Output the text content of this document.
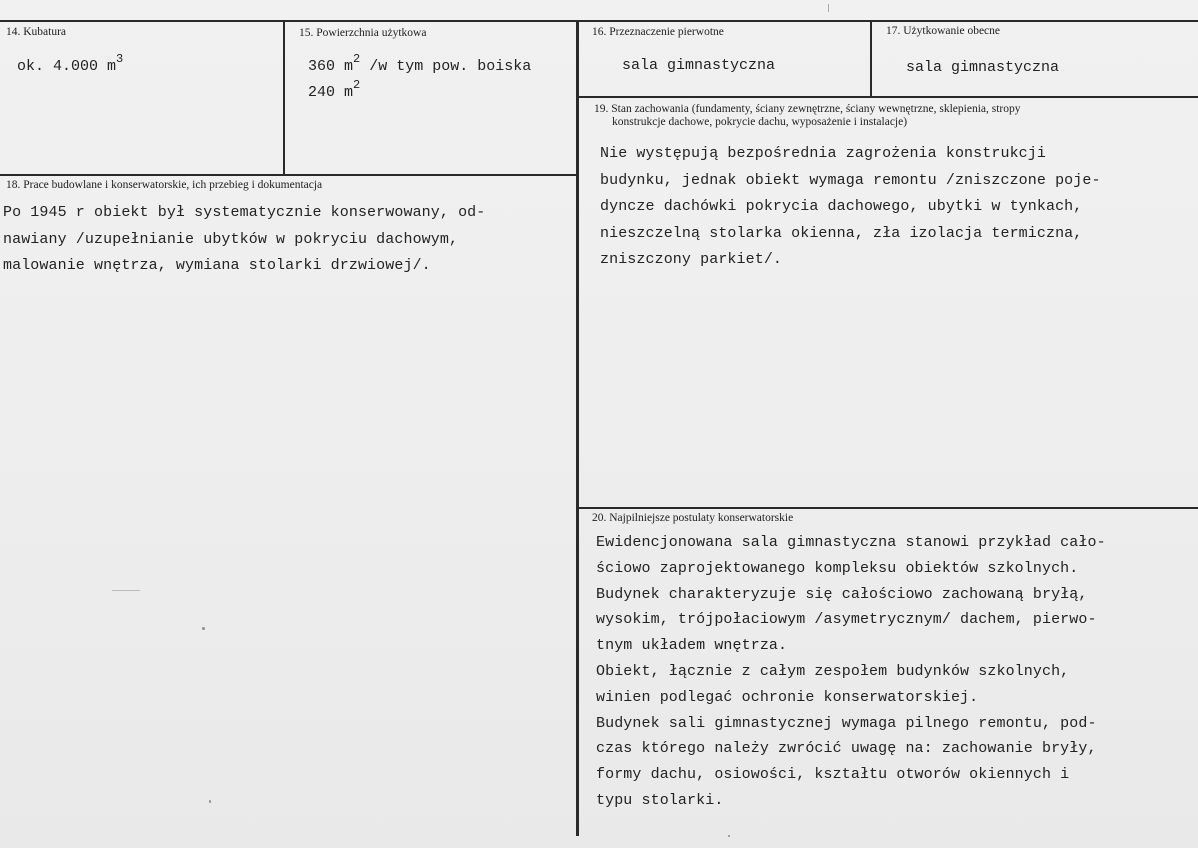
14. Kubatura
ok. 4.000 $m^3$
15. Powierzchnia użytkowa
360 $m^2$ /w tym pow. boiska
240 $m^2$
16. Przeznaczenie pierwotne
sala gimnastyczna
17. Użytkowanie obecne
sala gimnastyczna
19. Stan zachowania (fundamenty, ściany zewnętrzne, ściany wewnętrzne, sklepienia, stropy
konstrukcje dachowe, pokrycie dachu, wyposażenie i instalacje)
Nie występują bezpośrednia zagrożenia konstrukcji
budynku, jednak obiekt wymaga remontu /zniszczone poje-
dyncze dachówki pokrycia dachowego, ubytki w tynkach,
nieszczelną stolarka okienna, zła izolacja termiczna,
zniszczony parkiet/.
18. Prace budowlane i konserwatorskie, ich przebieg i dokumentacja
Po 1945 r obiekt był systematycznie konserwowany, od-
nawiany /uzupełnianie ubytków w pokryciu dachowym,
malowanie wnętrza, wymiana stolarki drzwiowej/.
20. Najpilniejsze postulaty konserwatorskie
Ewidencjonowana sala gimnastyczna stanowi przykład cało-
ściowo zaprojektowanego kompleksu obiektów szkolnych.
Budynek charakteryzuje się całościowo zachowaną bryłą,
wysokim, trójpołaciowym /asymetrycznym/ dachem, pierwo-
tnym układem wnętrza.
Obiekt, łącznie z całym zespołem budynków szkolnych,
winien podlegać ochronie konserwatorskiej.
Budynek sali gimnastycznej wymaga pilnego remontu, pod-
czas którego należy zwrócić uwagę na: zachowanie bryły,
formy dachu, osiowości, kształtu otworów okiennych i
typu stolarki.
